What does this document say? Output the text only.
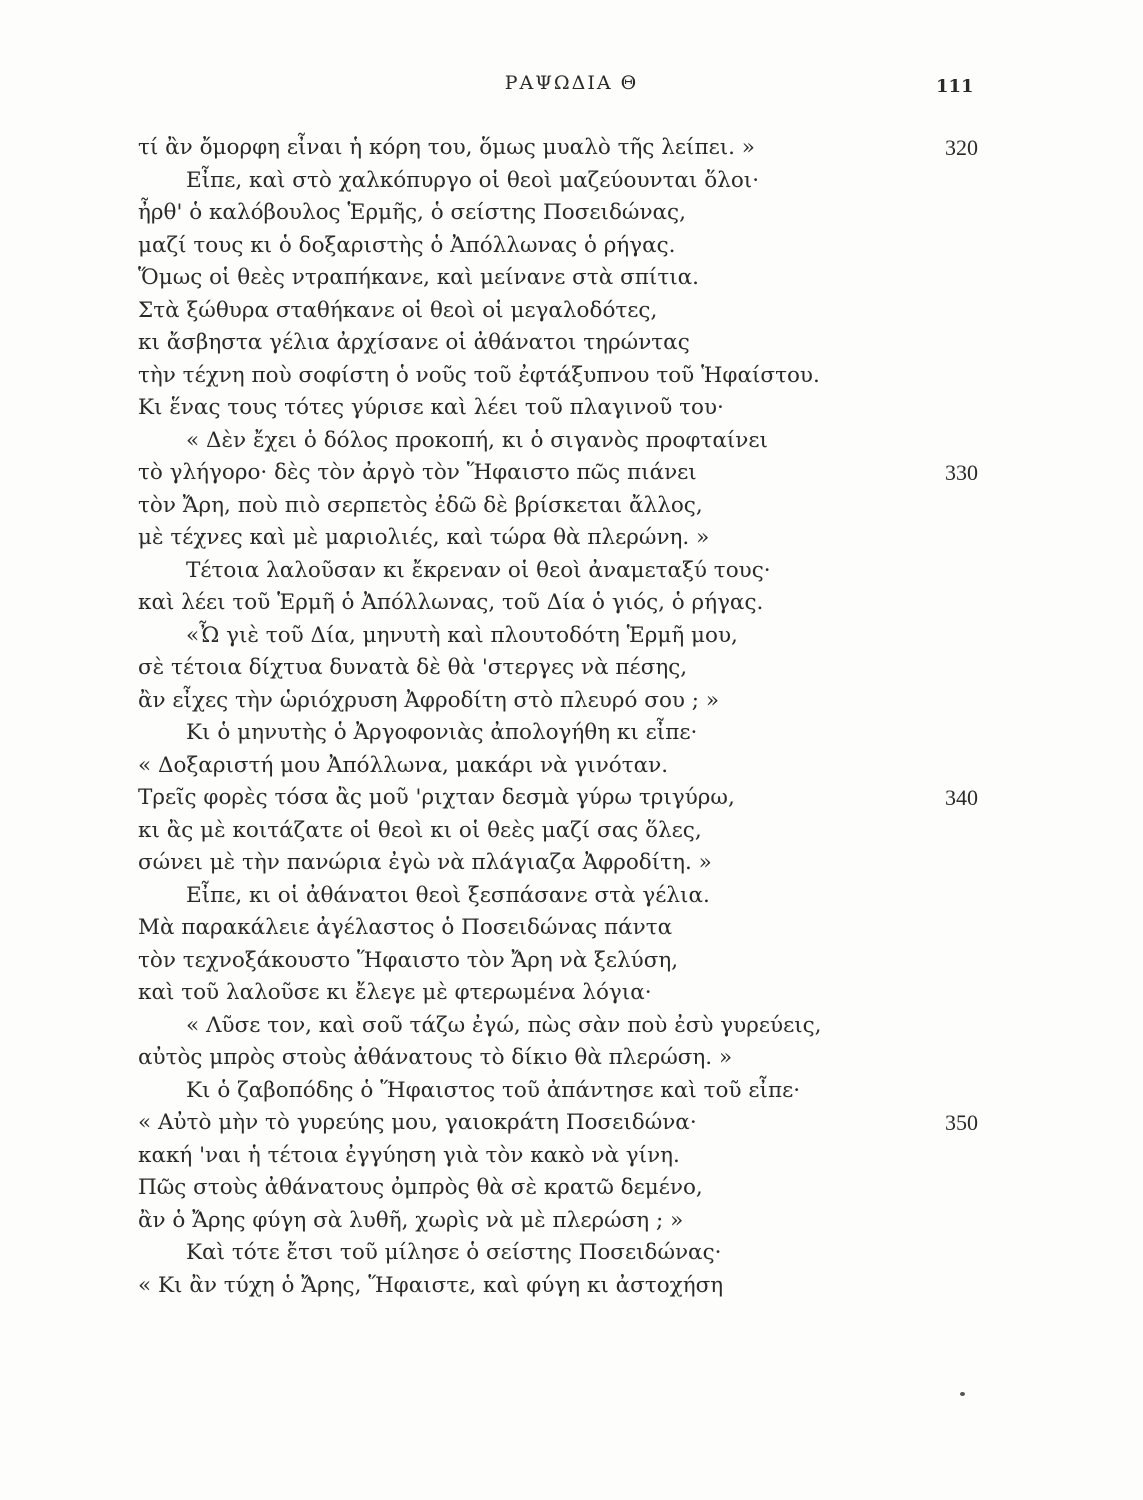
ΡΑΨΩΔΙΑ Θ	111
τί ἂν ὄμορφη εἶναι ἡ κόρη του, ὅμως μυαλὸ τῆς λείπει. »	320
Εἶπε, καὶ στὸ χαλκόπυργο οἱ θεοὶ μαζεύουνται ὅλοι·
ἦρθ' ὁ καλόβουλος Ἑρμῆς, ὁ σείστης Ποσειδώνας,
μαζί τους κι ὁ δοξαριστὴς ὁ Ἀπόλλωνας ὁ ρήγας.
Ὅμως οἱ θεὲς ντραπήκανε, καὶ μείνανε στὰ σπίτια.
Στὰ ξώθυρα σταθήκανε οἱ θεοὶ οἱ μεγαλοδότες,
κι ἄσβηστα γέλια ἀρχίσανε οἱ ἀθάνατοι τηρώντας
τὴν τέχνη ποὺ σοφίστη ὁ νοῦς τοῦ ἐφτάξυπνου τοῦ Ἡφαίστου.
Κι ἕνας τους τότες γύρισε καὶ λέει τοῦ πλαγινοῦ του·
« Δὲν ἔχει ὁ δόλος προκοπή, κι ὁ σιγανὸς προφταίνει
τὸ γλήγορο· δὲς τὸν ἀργὸ τὸν Ἥφαιστο πῶς πιάνει	330
τὸν Ἄρη, ποὺ πιὸ σερπετὸς ἐδῶ δὲ βρίσκεται ἄλλος,
μὲ τέχνες καὶ μὲ μαριολιές, καὶ τώρα θὰ πλερώνη. »
Τέτοια λαλοῦσαν κι ἔκρεναν οἱ θεοὶ ἀναμεταξύ τους·
καὶ λέει τοῦ Ἑρμῆ ὁ Ἀπόλλωνας, τοῦ Δία ὁ γιός, ὁ ρήγας.
«Ὦ γιὲ τοῦ Δία, μηνυτὴ καὶ πλουτοδότη Ἑρμῆ μου,
σὲ τέτοια δίχτυα δυνατὰ δὲ θὰ 'στεργες νὰ πέσης,
ἂν εἶχες τὴν ὡριόχρυση Ἀφροδίτη στὸ πλευρό σου ; »
Κι ὁ μηνυτὴς ὁ Ἀργοφονιὰς ἀπολογήθη κι εἶπε·
« Δοξαριστή μου Ἀπόλλωνα, μακάρι νὰ γινόταν.
Τρεῖς φορὲς τόσα ἂς μοῦ 'ριχταν δεσμὰ γύρω τριγύρω,	340
κι ἂς μὲ κοιτάζατε οἱ θεοὶ κι οἱ θεὲς μαζί σας ὅλες,
σώνει μὲ τὴν πανώρια ἐγὼ νὰ πλάγιαζα Ἀφροδίτη. »
Εἶπε, κι οἱ ἀθάνατοι θεοὶ ξεσπάσανε στὰ γέλια.
Μὰ παρακάλειε ἀγέλαστος ὁ Ποσειδώνας πάντα
τὸν τεχνοξάκουστο Ἥφαιστο τὸν Ἄρη νὰ ξελύση,
καὶ τοῦ λαλοῦσε κι ἔλεγε μὲ φτερωμένα λόγια·
« Λῦσε τον, καὶ σοῦ τάζω ἐγώ, πὼς σὰν ποὺ ἐσὺ γυρεύεις,
αὐτὸς μπρὸς στοὺς ἀθάνατους τὸ δίκιο θὰ πλερώση. »
Κι ὁ ζαβοπόδης ὁ Ἥφαιστος τοῦ ἀπάντησε καὶ τοῦ εἶπε·
« Αὐτὸ μὴν τὸ γυρεύης μου, γαιοκράτη Ποσειδώνα·	350
κακή 'ναι ἡ τέτοια ἐγγύηση γιὰ τὸν κακὸ νὰ γίνη.
Πῶς στοὺς ἀθάνατους ὀμπρὸς θὰ σὲ κρατῶ δεμένο,
ἂν ὁ Ἄρης φύγη σὰ λυθῆ, χωρὶς νὰ μὲ πλερώση ; »
Καὶ τότε ἔτσι τοῦ μίλησε ὁ σείστης Ποσειδώνας·
« Κι ἂν τύχη ὁ Ἄρης, Ἥφαιστε, καὶ φύγη κι ἀστοχήση
